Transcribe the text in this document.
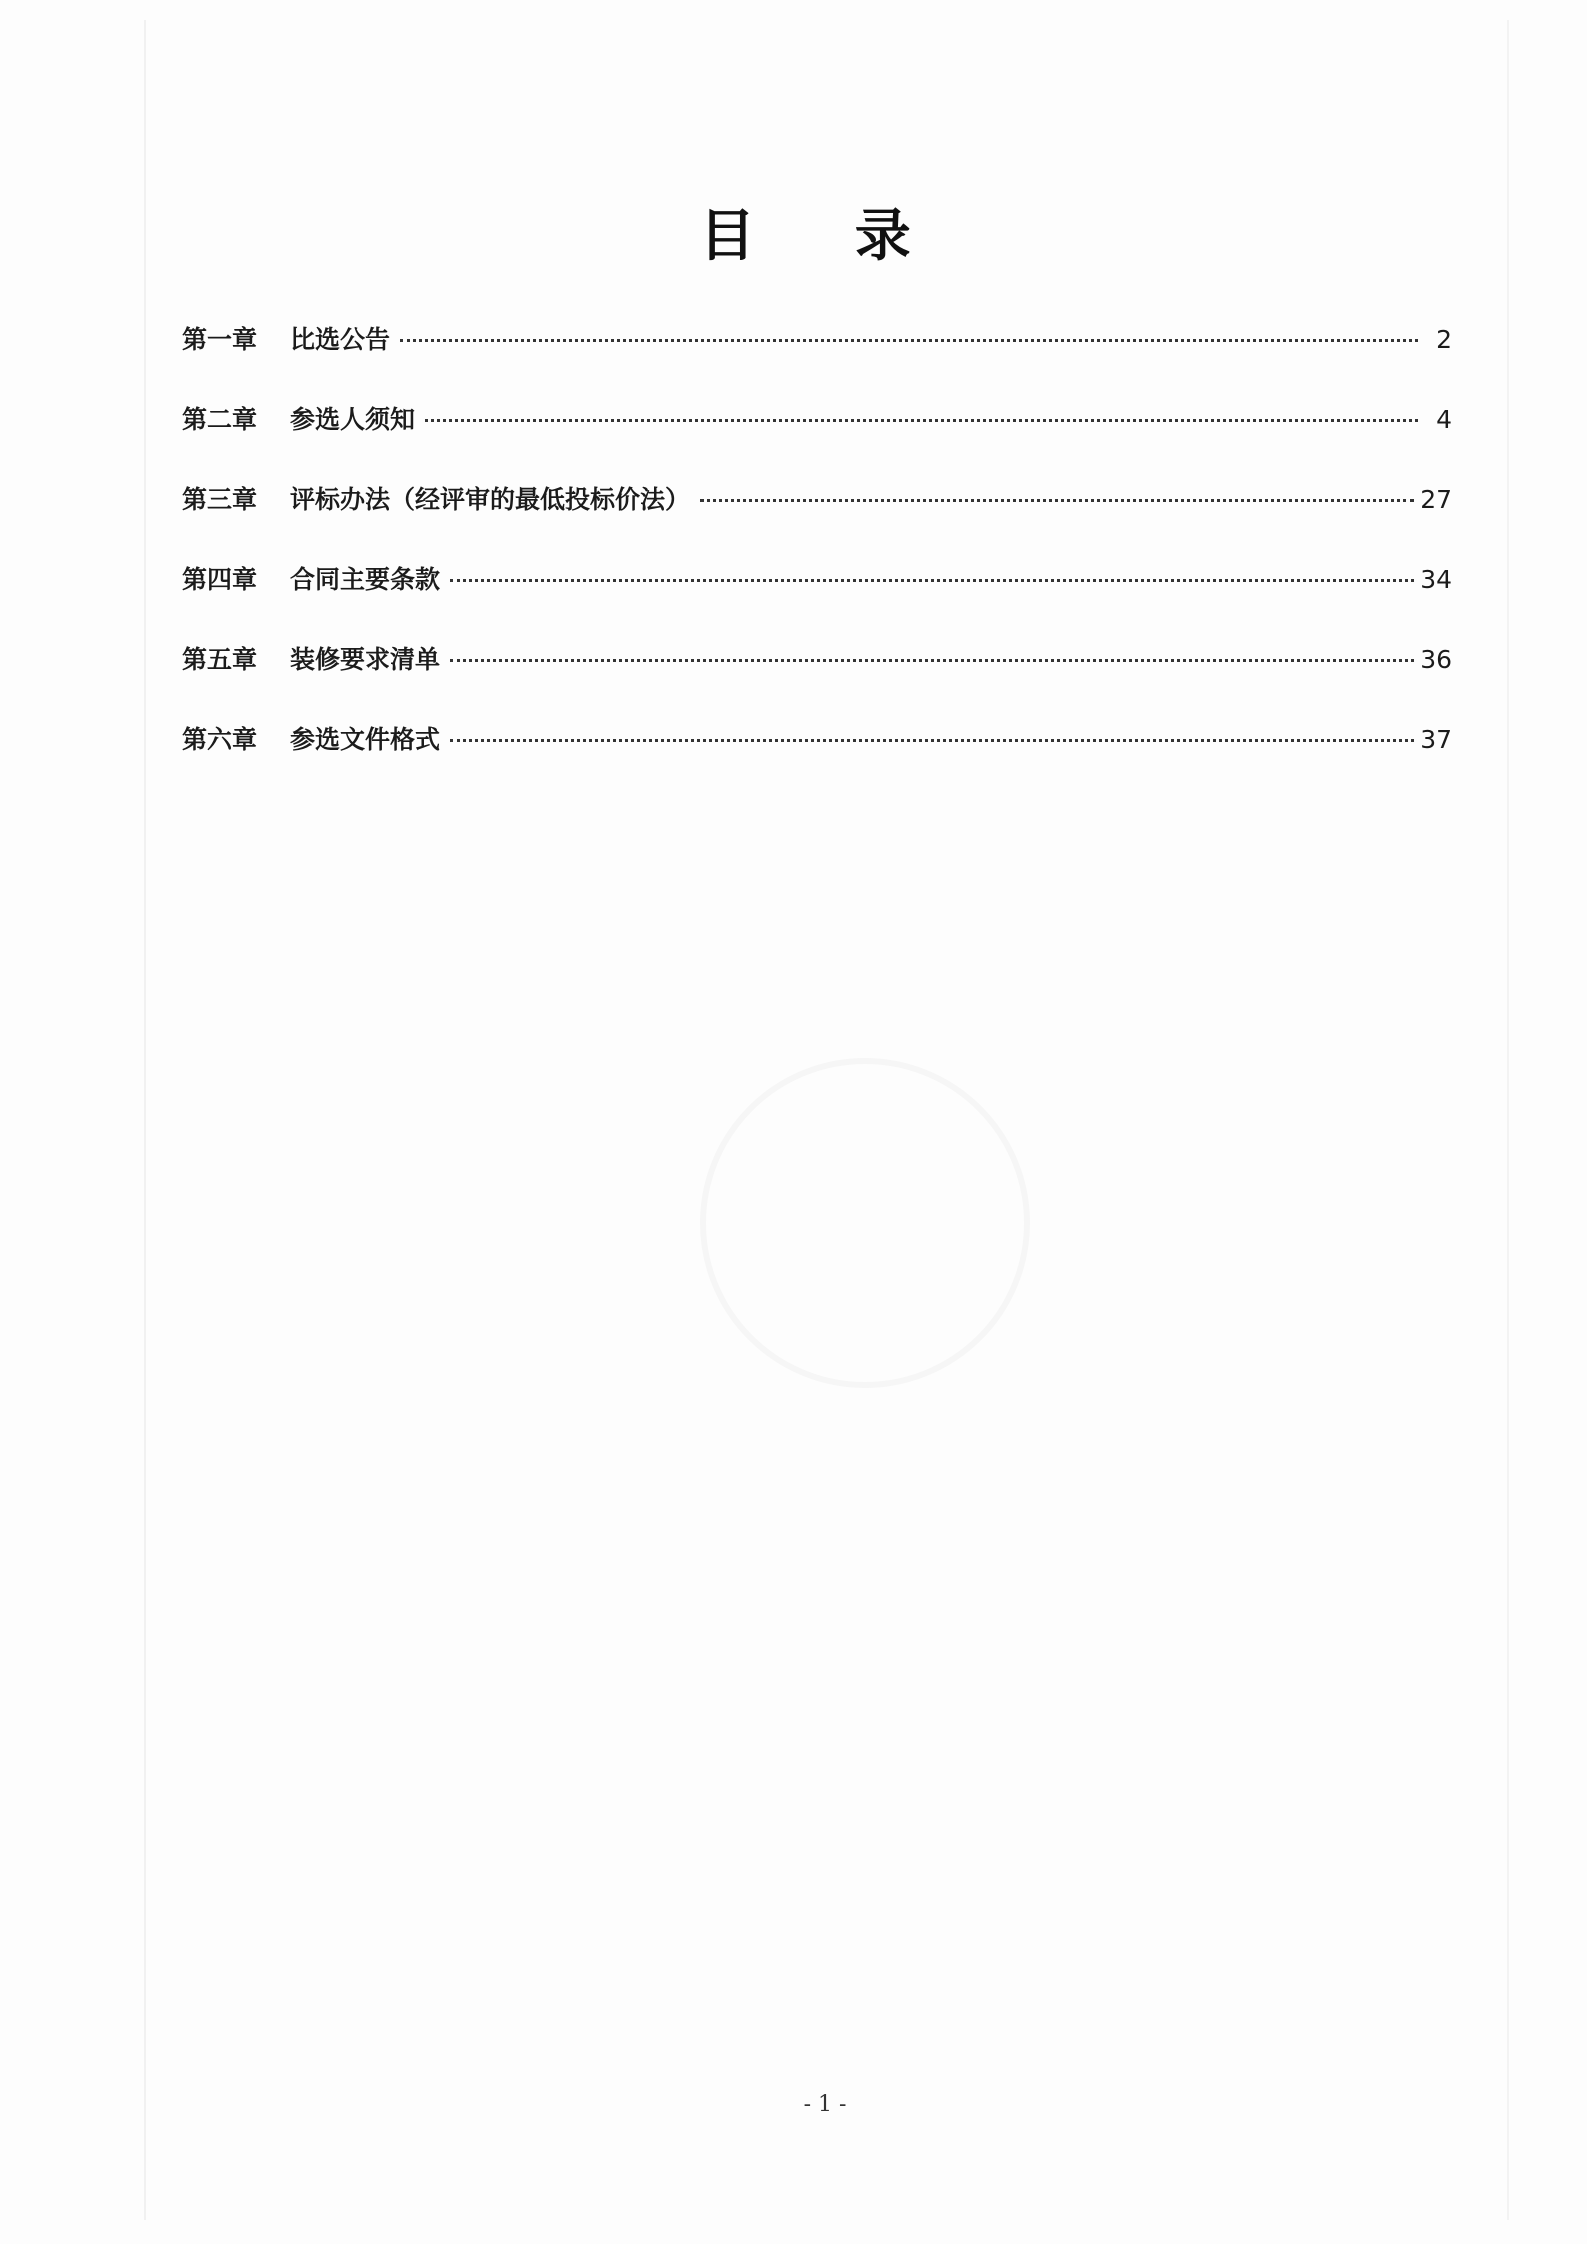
目 录
第一章	比选公告	2
第二章	参选人须知	4
第三章	评标办法（经评审的最低投标价法）	27
第四章	合同主要条款	34
第五章	装修要求清单	36
第六章	参选文件格式	37
- 1 -
